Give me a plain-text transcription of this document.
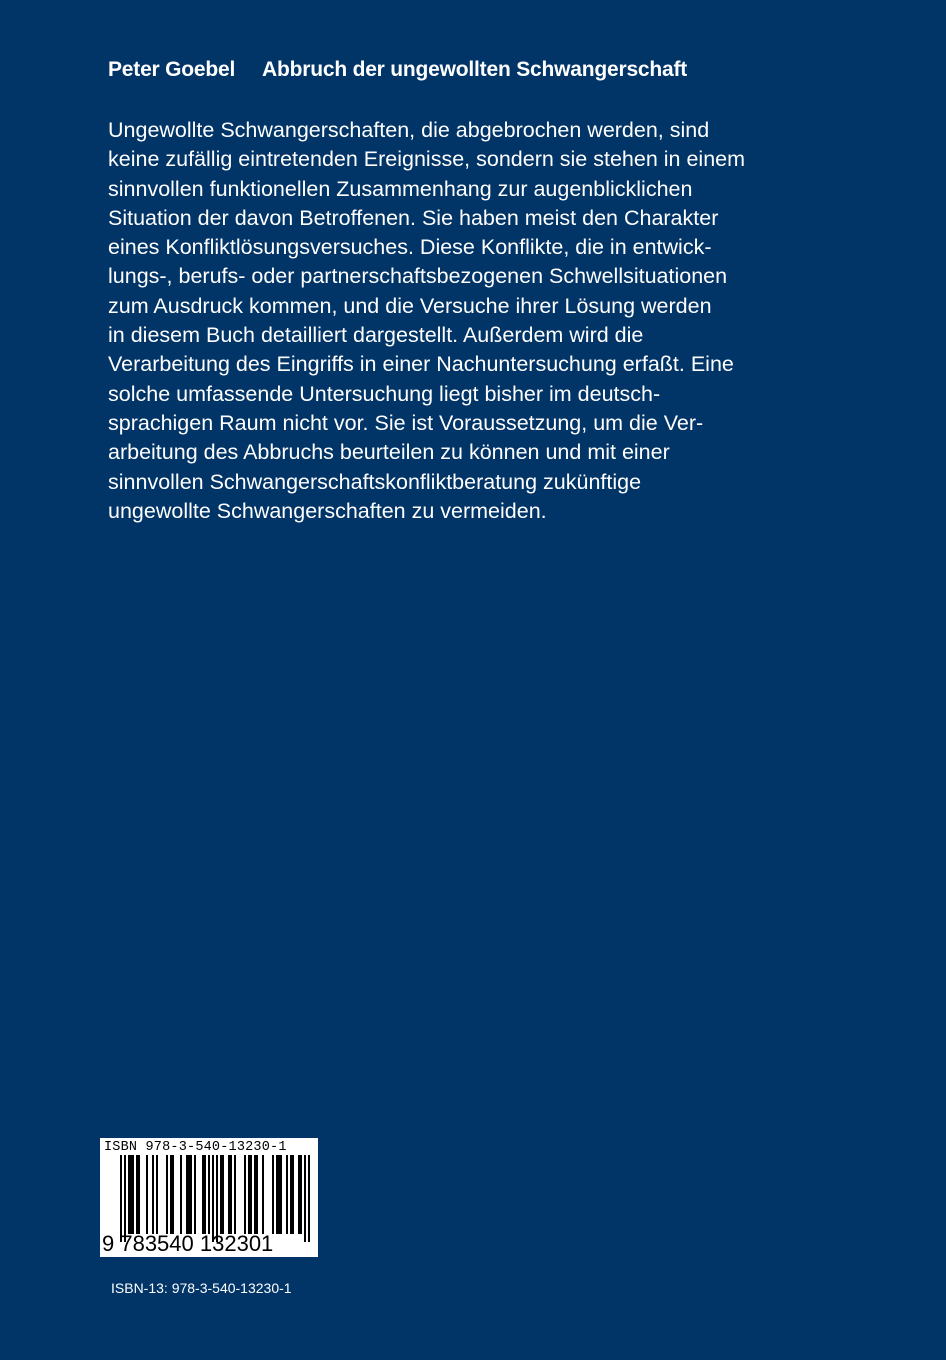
Peter Goebel Abbruch der ungewollten Schwangerschaft
Ungewollte Schwangerschaften, die abgebrochen werden, sind
keine zufällig eintretenden Ereignisse, sondern sie stehen in einem
sinnvollen funktionellen Zusammenhang zur augenblicklichen
Situation der davon Betroffenen. Sie haben meist den Charakter
eines Konfliktlösungsversuches. Diese Konflikte, die in entwick-
lungs-, berufs- oder partnerschaftsbezogenen Schwellsituationen
zum Ausdruck kommen, und die Versuche ihrer Lösung werden
in diesem Buch detailliert dargestellt. Außerdem wird die
Verarbeitung des Eingriffs in einer Nachuntersuchung erfaßt. Eine
solche umfassende Untersuchung liegt bisher im deutsch-
sprachigen Raum nicht vor. Sie ist Voraussetzung, um die Ver-
arbeitung des Abbruchs beurteilen zu können und mit einer
sinnvollen Schwangerschaftskonfliktberatung zukünftige
ungewollte Schwangerschaften zu vermeiden.
ISBN 978-3-540-13230-1
9 783540 132301
ISBN-13: 978-3-540-13230-1
